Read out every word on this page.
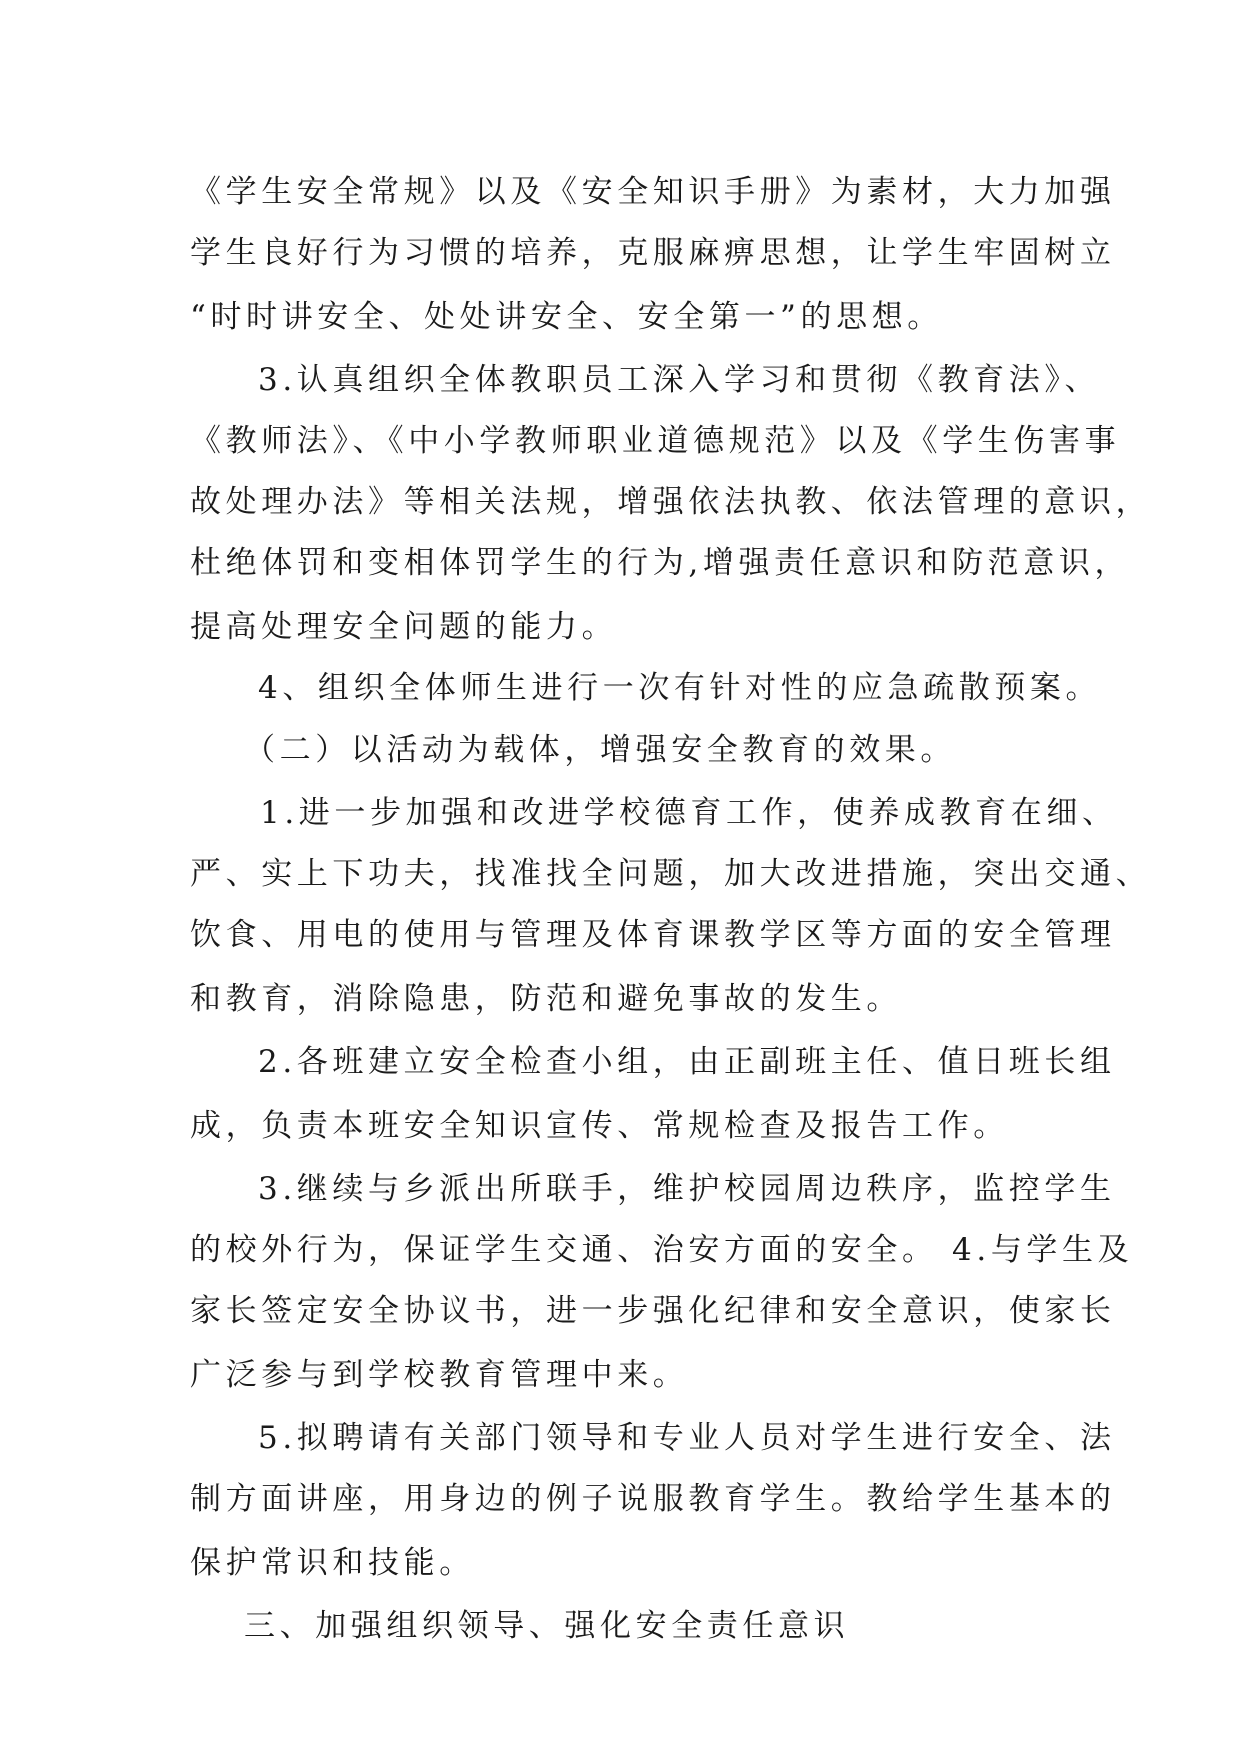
《学生安全常规》以及《安全知识手册》为素材，大力加强
学生良好行为习惯的培养，克服麻痹思想，让学生牢固树立
“时时讲安全、处处讲安全、安全第一”的思想。
3.认真组织全体教职员工深入学习和贯彻《教育法》、
《教师法》、《中小学教师职业道德规范》以及《学生伤害事
故处理办法》等相关法规，增强依法执教、依法管理的意识，
杜绝体罚和变相体罚学生的行为,增强责任意识和防范意识，
提高处理安全问题的能力。
4、组织全体师生进行一次有针对性的应急疏散预案。
（二）以活动为载体，增强安全教育的效果。
1.进一步加强和改进学校德育工作，使养成教育在细、
严、实上下功夫，找准找全问题，加大改进措施，突出交通、
饮食、用电的使用与管理及体育课教学区等方面的安全管理
和教育，消除隐患，防范和避免事故的发生。
2.各班建立安全检查小组，由正副班主任、值日班长组
成，负责本班安全知识宣传、常规检查及报告工作。
3.继续与乡派出所联手，维护校园周边秩序，监控学生
的校外行为，保证学生交通、治安方面的安全。 4.与学生及
家长签定安全协议书，进一步强化纪律和安全意识，使家长
广泛参与到学校教育管理中来。
5.拟聘请有关部门领导和专业人员对学生进行安全、法
制方面讲座，用身边的例子说服教育学生。教给学生基本的
保护常识和技能。
三、加强组织领导、强化安全责任意识
